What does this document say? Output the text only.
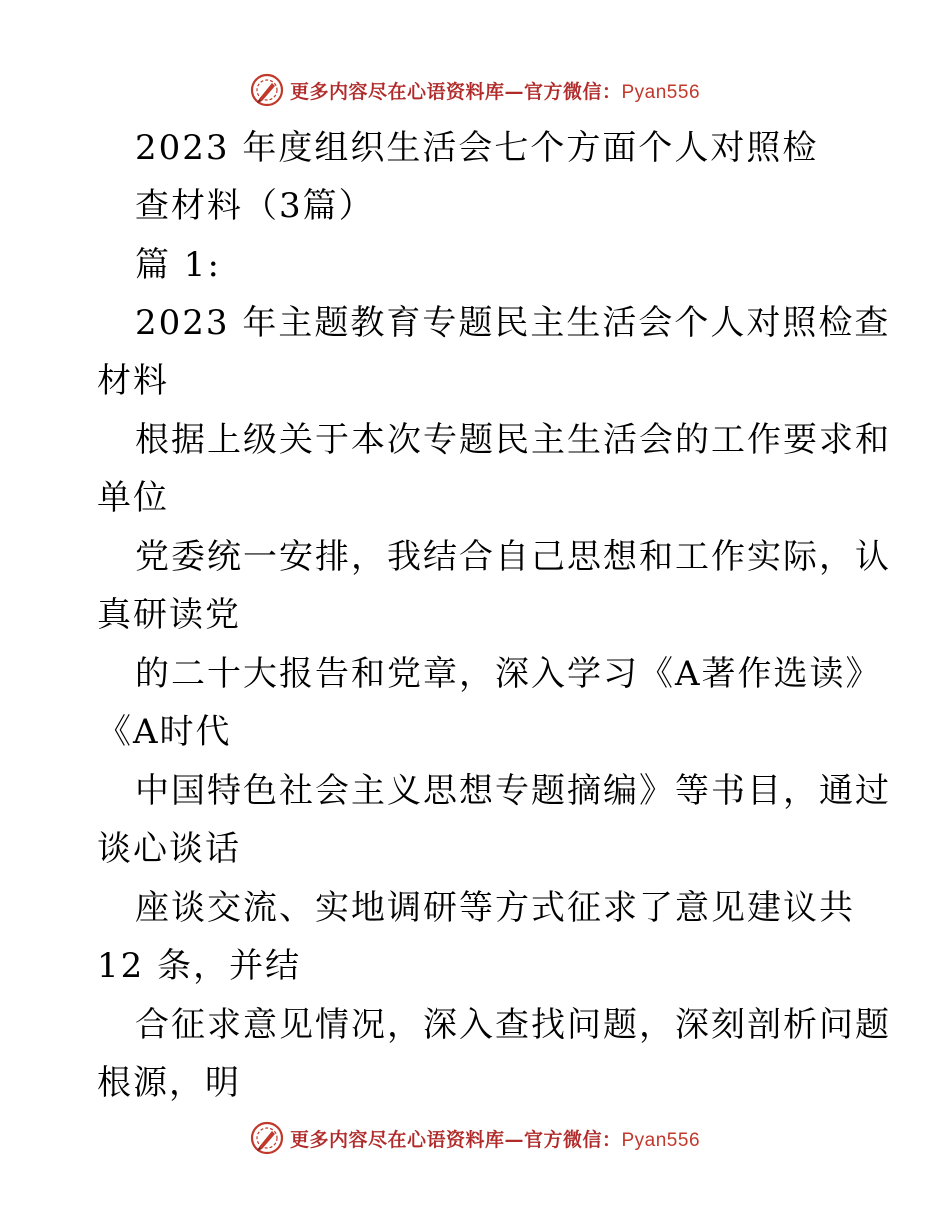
更多内容尽在心语资料库—官方微信：Pyan556
2023 年度组织生活会七个方面个人对照检
查材料（3篇）
篇 1:
2023 年主题教育专题民主生活会个人对照检查
材料
根据上级关于本次专题民主生活会的工作要求和
单位
党委统一安排，我结合自己思想和工作实际，认
真研读党
的二十大报告和党章，深入学习《A著作选读》
《A时代
中国特色社会主义思想专题摘编》等书目，通过
谈心谈话
座谈交流、实地调研等方式征求了意见建议共
12 条，并结
合征求意见情况，深入查找问题，深刻剖析问题
根源，明
更多内容尽在心语资料库—官方微信：Pyan556
